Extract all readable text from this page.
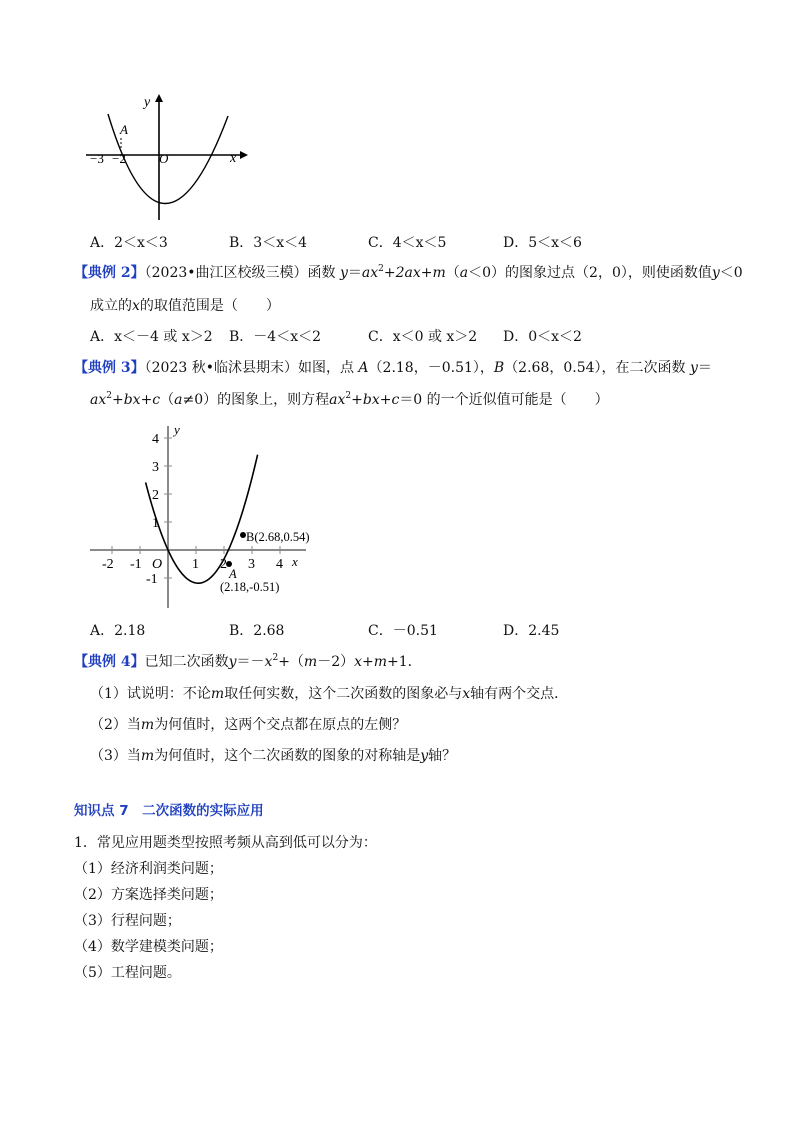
y
x
O
A
−3 −2
A．2＜x＜3	B．3＜x＜4	C．4＜x＜5	D．5＜x＜6
【典例 2】（2023•曲江区校级三模）函数 $y=ax^2+2ax+m(a<0)$的图象过点（2，0），则使函数值y＜0
成立的x的取值范围是（　　）
A．x＜－4 或 x＞2 B．－4＜x＜2	C．x＜0 或 x＞2 D．0＜x＜2
【典例 3】（2023 秋•临沭县期末）如图，点 A（2.18，－0.51），B（2.68，0.54），在二次函数 y＝
$ax^2+bx+c(a\ne 0)$的图象上，则方程$ax^2+bx+c=0$ 的一个近似值可能是（　　）
y
x
O
-2 -1	1 2 3 4
4
3
2
1
-1
B(2.68,0.54)
A
(2.18,-0.51)
A．2.18	B．2.68	C．－0.51	D．2.45
【典例 4】已知二次函数$y=-x^2+(m-2)x+m+1$．
（1）试说明：不论m取任何实数，这个二次函数的图象必与x轴有两个交点．
（2）当m为何值时，这两个交点都在原点的左侧？
（3）当m为何值时，这个二次函数的图象的对称轴是y轴？
知识点 7　二次函数的实际应用
1．常见应用题类型按照考频从高到低可以分为：
（1）经济利润类问题；
（2）方案选择类问题；
（3）行程问题；
（4）数学建模类问题；
（5）工程问题。
